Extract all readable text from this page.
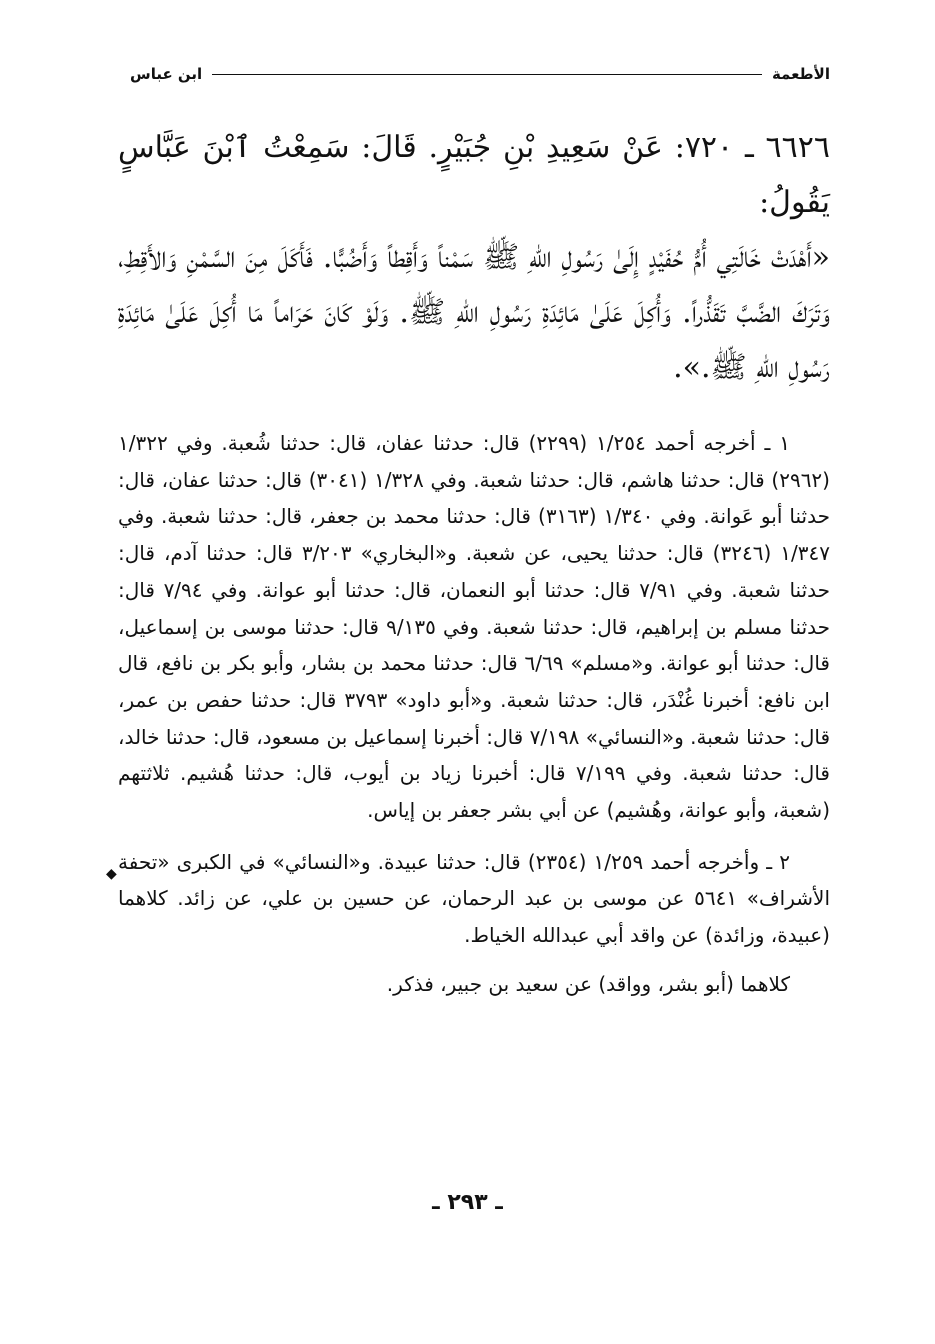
الأطعمة
ابن عباس

٦٦٢٦ ـ ٧٢٠: عَنْ سَعِيدِ بْنِ جُبَيْرٍ. قَالَ: سَمِعْتُ ٱبْنَ عَبَّاسٍ يَقُولُ:

«أَهْدَتْ خَالَتِي أُمُّ حُفَيْدٍ إِلَىٰ رَسُولِ اللّٰهِ ﷺ سَمْناً وَأَقِطاً وَأَضُبًّا. فَأَكَلَ مِنَ السَّمْنِ وَالأَقِطِ، وَتَرَكَ الضَّبَّ تَقَذُّراً. وَأُكِلَ عَلَىٰ مَائِدَةِ رَسُولِ اللّٰهِ ﷺ. وَلَوْ كَانَ حَرَاماً مَا أُكِلَ عَلَىٰ مَائِدَةِ رَسُولِ اللّٰهِ ﷺ.».

١ ـ أخرجه أحمد ١/٢٥٤ (٢٢٩٩) قال: حدثنا عفان، قال: حدثنا شُعبة. وفي ١/٣٢٢ (٢٩٦٢) قال: حدثنا هاشم، قال: حدثنا شعبة. وفي ١/٣٢٨ (٣٠٤١) قال: حدثنا عفان، قال: حدثنا أبو عَوانة. وفي ١/٣٤٠ (٣١٦٣) قال: حدثنا محمد بن جعفر، قال: حدثنا شعبة. وفي ١/٣٤٧ (٣٢٤٦) قال: حدثنا يحيى، عن شعبة. و«البخاري» ٣/٢٠٣ قال: حدثنا آدم، قال: حدثنا شعبة. وفي ٧/٩١ قال: حدثنا أبو النعمان، قال: حدثنا أبو عوانة. وفي ٧/٩٤ قال: حدثنا مسلم بن إبراهيم، قال: حدثنا شعبة. وفي ٩/١٣٥ قال: حدثنا موسى بن إسماعيل، قال: حدثنا أبو عوانة. و«مسلم» ٦/٦٩ قال: حدثنا محمد بن بشار، وأبو بكر بن نافع، قال ابن نافع: أخبرنا غُنْدَر، قال: حدثنا شعبة. و«أبو داود» ٣٧٩٣ قال: حدثنا حفص بن عمر، قال: حدثنا شعبة. و«النسائي» ٧/١٩٨ قال: أخبرنا إسماعيل بن مسعود، قال: حدثنا خالد، قال: حدثنا شعبة. وفي ٧/١٩٩ قال: أخبرنا زياد بن أيوب، قال: حدثنا هُشيم. ثلاثتهم (شعبة، وأبو عوانة، وهُشيم) عن أبي بشر جعفر بن إياس.

◆ ٢ ـ وأخرجه أحمد ١/٢٥٩ (٢٣٥٤) قال: حدثنا عبيدة. و«النسائي» في الكبرى «تحفة الأشراف» ٥٦٤١ عن موسى بن عبد الرحمان، عن حسين بن علي، عن زائد. كلاهما (عبيدة، وزائدة) عن واقد أبي عبدالله الخياط.

كلاهما (أبو بشر، وواقد) عن سعيد بن جبير، فذكر.

ـ ٢٩٣ ـ
